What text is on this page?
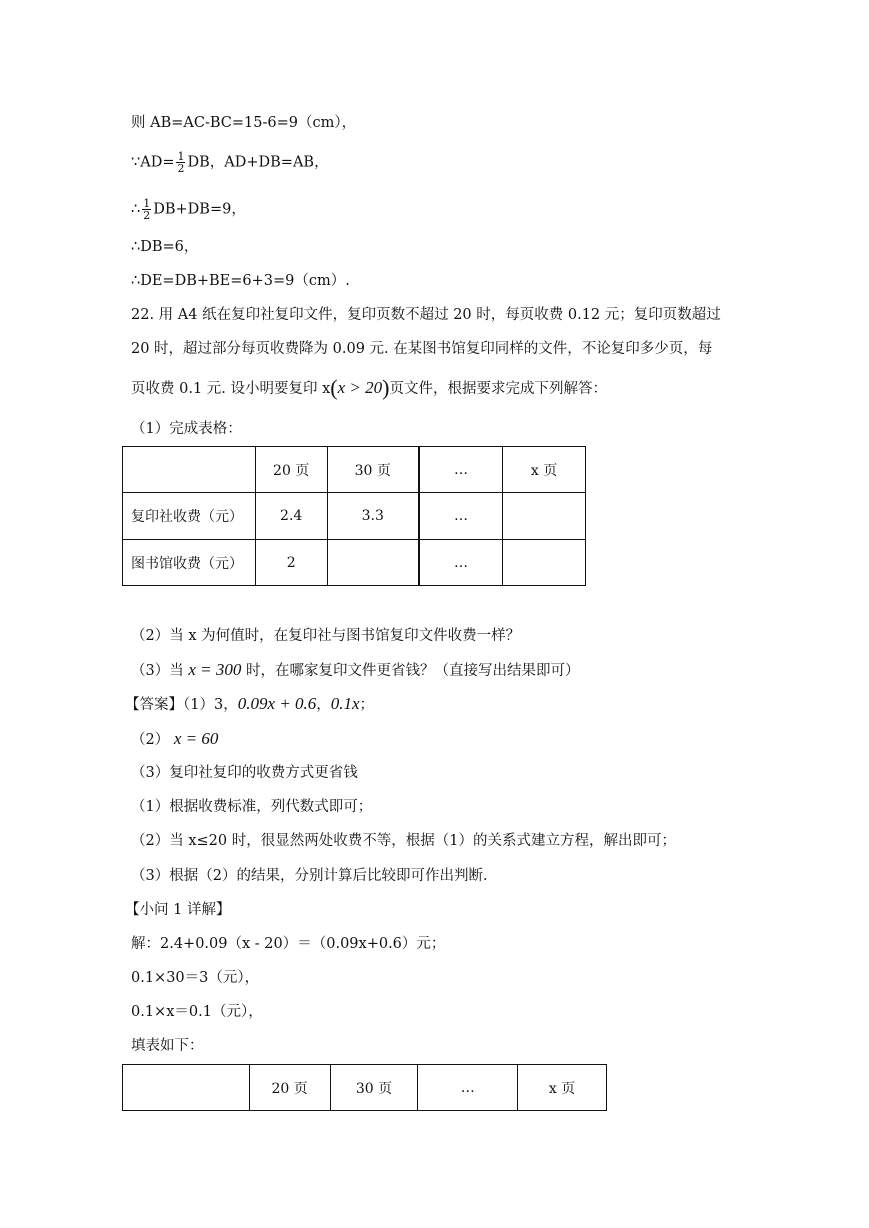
则 AB=AC-BC=15-6=9（cm），
∵AD= $\frac{1}{2}$ DB，AD+DB=AB，
∴ $\frac{1}{2} DB+DB=9$，
∴DB=6，
∴DE=DB+BE=6+3=9（cm）.
22. 用 A4 纸在复印社复印文件，复印页数不超过 20 时，每页收费 0.12 元；复印页数超过
20 时，超过部分每页收费降为 0.09 元. 在某图书馆复印同样的文件，不论复印多少页，每
页收费 0.1 元. 设小明要复印 x(x > 20)页文件，根据要求完成下列解答：
（1）完成表格：
	20 页	30 页	…	x 页
复印社收费（元）	2.4	3.3	…	
图书馆收费（元）	2		…	
（2）当 x 为何值时，在复印社与图书馆复印文件收费一样？
（3）当 x = 300 时，在哪家复印文件更省钱？（直接写出结果即可）
【答案】（1）3，0.09x + 0.6，0.1x；
（2） x = 60
（3）复印社复印的收费方式更省钱
（1）根据收费标准，列代数式即可；
（2）当 x≤20 时，很显然两处收费不等，根据（1）的关系式建立方程，解出即可；
（3）根据（2）的结果，分别计算后比较即可作出判断.
【小问 1 详解】
解：2.4+0.09（x - 20）＝（0.09x+0.6）元；
0.1×30＝3（元），
0.1×x＝0.1（元），
填表如下：
	20 页	30 页	…	x 页
